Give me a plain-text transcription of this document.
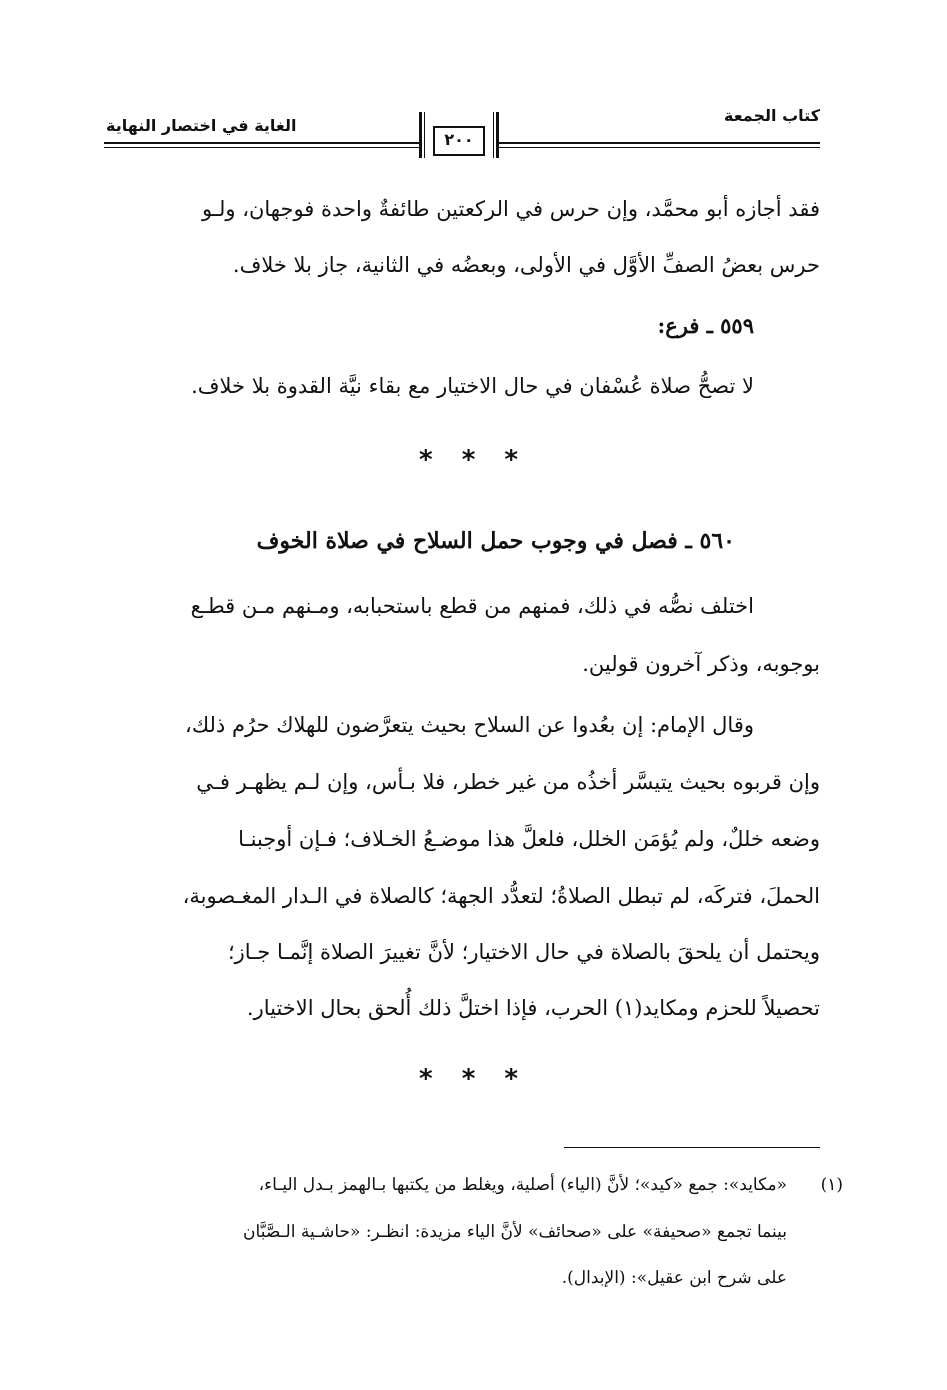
كتاب الجمعة
الغاية في اختصار النهاية
٢٠٠
فقد أجازه أبو محمَّد، وإن حرس في الركعتين طائفةٌ واحدة فوجهان، ولـو
حرس بعضُ الصفِّ الأوَّل في الأولى، وبعضُه في الثانية، جاز بلا خلاف.
٥٥٩ ـ فرع:
لا تصحُّ صلاة عُسْفان في حال الاختيار مع بقاء نيَّة القدوة بلا خلاف.
* * *
٥٦٠ ـ فصل في وجوب حمل السلاح في صلاة الخوف
اختلف نصُّه في ذلك، فمنهم من قطع باستحبابه، ومـنهم مـن قطـع
بوجوبه، وذكر آخرون قولين.
وقال الإمام: إن بعُدوا عن السلاح بحيث يتعرَّضون للهلاك حرُم ذلك،
وإن قربوه بحيث يتيسَّر أخذُه من غير خطر، فلا بـأس، وإن لـم يظهـر فـي
وضعه خللٌ، ولم يُؤمَن الخلل، فلعلَّ هذا موضـعُ الخـلاف؛ فـإن أوجبنـا
الحملَ، فتركَه، لم تبطل الصلاةُ؛ لتعدُّد الجهة؛ كالصلاة في الـدار المغـصوبة،
ويحتمل أن يلحقَ بالصلاة في حال الاختيار؛ لأنَّ تغييرَ الصلاة إنَّمـا جـاز؛
تحصيلاً للحزم ومكايد(١) الحرب، فإذا اختلَّ ذلك أُلحق بحال الاختيار.
* * *
(١)
«مكايد»: جمع «كيد»؛ لأنَّ (الياء) أصلية، ويغلط من يكتبها بـالهمز بـدل اليـاء،
بينما تجمع «صحيفة» على «صحائف» لأنَّ الياء مزيدة: انظـر: «حاشـية الـصَّبَّان
على شرح ابن عقيل»: (الإبدال).
